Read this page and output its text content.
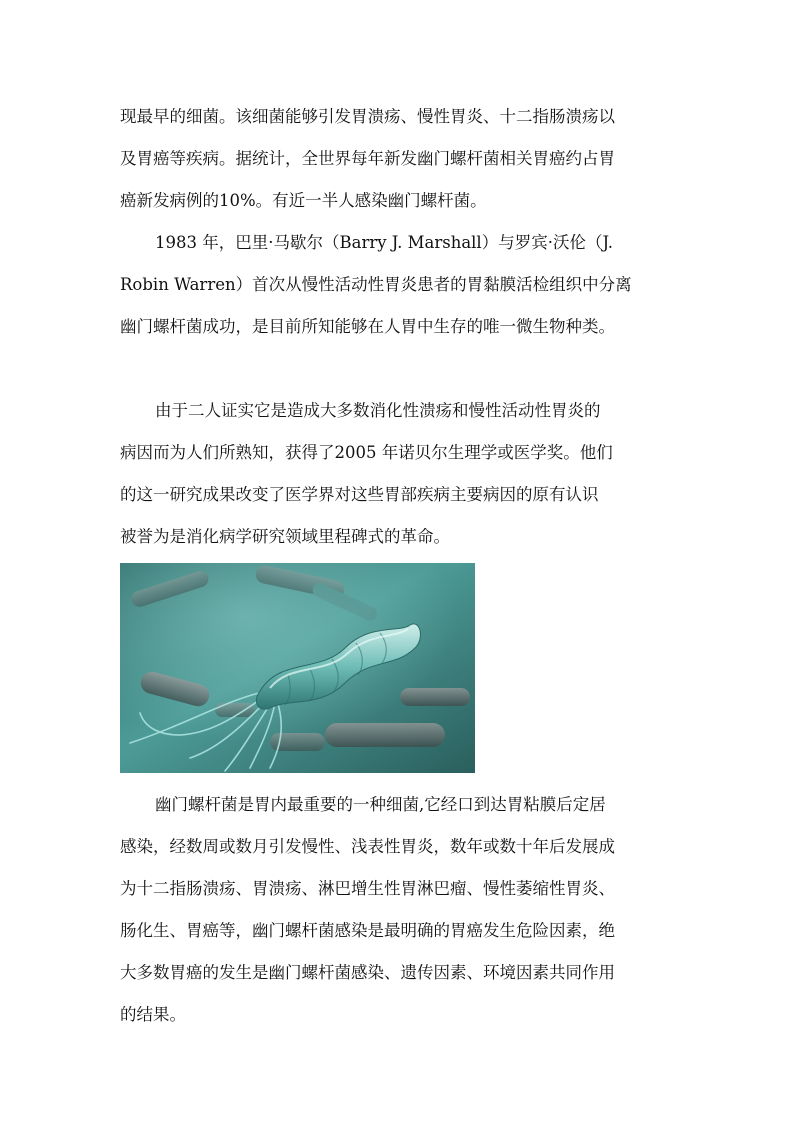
现最早的细菌。该细菌能够引发胃溃疡、慢性胃炎、十二指肠溃疡以
及胃癌等疾病。据统计，全世界每年新发幽门螺杆菌相关胃癌约占胃
癌新发病例的10%。有近一半人感染幽门螺杆菌。
1983 年，巴里·马歇尔（Barry J. Marshall）与罗宾·沃伦（J.
Robin Warren）首次从慢性活动性胃炎患者的胃黏膜活检组织中分离
幽门螺杆菌成功，是目前所知能够在人胃中生存的唯一微生物种类。
由于二人证实它是造成大多数消化性溃疡和慢性活动性胃炎的
病因而为人们所熟知，获得了2005 年诺贝尔生理学或医学奖。他们
的这一研究成果改变了医学界对这些胃部疾病主要病因的原有认识
被誉为是消化病学研究领域里程碑式的革命。
幽门螺杆菌是胃内最重要的一种细菌,它经口到达胃粘膜后定居
感染，经数周或数月引发慢性、浅表性胃炎，数年或数十年后发展成
为十二指肠溃疡、胃溃疡、淋巴增生性胃淋巴瘤、慢性萎缩性胃炎、
肠化生、胃癌等，幽门螺杆菌感染是最明确的胃癌发生危险因素，绝
大多数胃癌的发生是幽门螺杆菌感染、遗传因素、环境因素共同作用
的结果。
